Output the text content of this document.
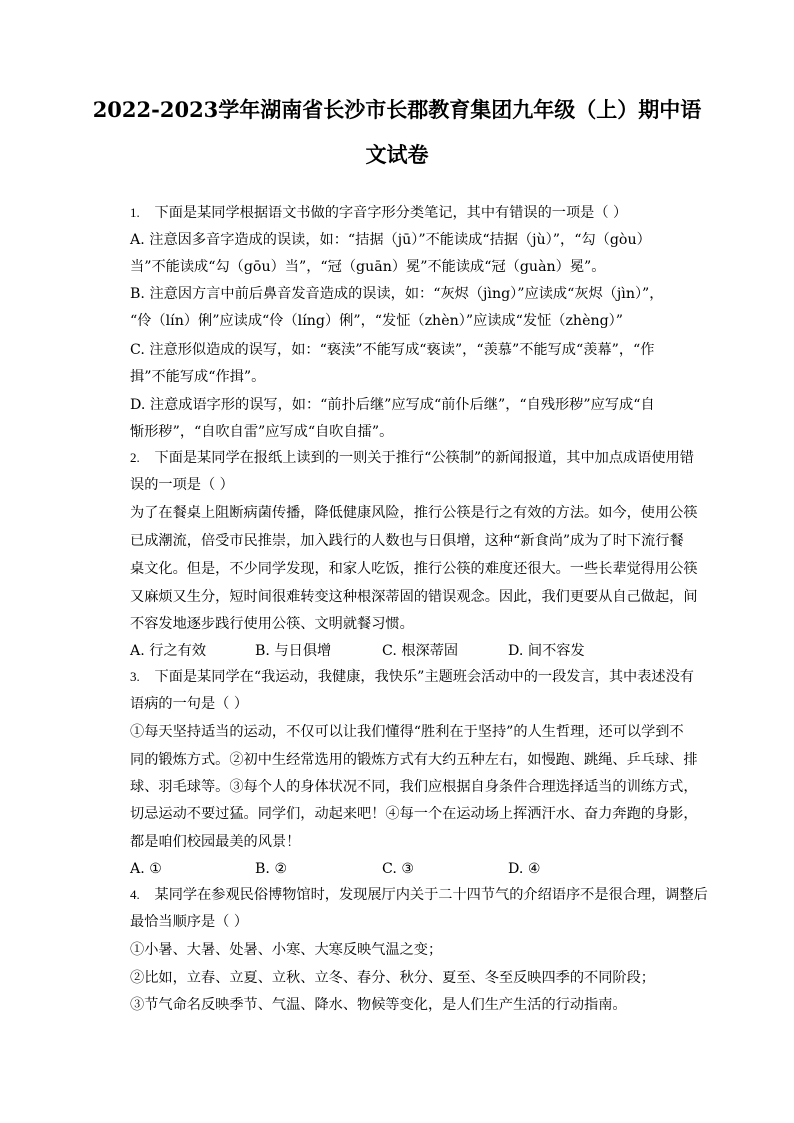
2022-2023学年湖南省长沙市长郡教育集团九年级（上）期中语
文试卷
1. 下面是某同学根据语文书做的字音字形分类笔记，其中有错误的一项是（ ）
A. 注意因多音字造成的误读，如：“拮据（jū）”不能读成“拮据（jù）”，“勾（gòu）
当”不能读成“勾（gōu）当”，“冠（guān）冕”不能读成“冠（guàn）冕”。
B. 注意因方言中前后鼻音发音造成的误读，如：“灰烬（jìng）”应读成“灰烬（jìn）”，
“伶（lín）俐”应读成“伶（líng）俐”，“发怔（zhèn）”应读成“发怔（zhèng）”
C. 注意形似造成的误写，如：“亵渎”不能写成“亵读”，“羡慕”不能写成“羡幕”，“作
揖”不能写成“作揖”。
D. 注意成语字形的误写，如：“前扑后继”应写成“前仆后继”，“自残形秽”应写成“自
惭形秽”，“自吹自雷”应写成“自吹自擂”。
2. 下面是某同学在报纸上读到的一则关于推行“公筷制”的新闻报道，其中加点成语使用错
误的一项是（ ）
为了在餐桌上阻断病菌传播，降低健康风险，推行公筷是行之有效的方法。如今，使用公筷
已成潮流，倍受市民推崇，加入践行的人数也与日俱增，这种“新食尚”成为了时下流行餐
桌文化。但是，不少同学发现，和家人吃饭，推行公筷的难度还很大。一些长辈觉得用公筷
又麻烦又生分，短时间很难转变这种根深蒂固的错误观念。因此，我们更要从自己做起，间
不容发地逐步践行使用公筷、文明就餐习惯。
A. 行之有效	B. 与日俱增	C. 根深蒂固	D. 间不容发
3. 下面是某同学在“我运动，我健康，我快乐”主题班会活动中的一段发言，其中表述没有
语病的一句是（ ）
①每天坚持适当的运动，不仅可以让我们懂得“胜利在于坚持”的人生哲理，还可以学到不
同的锻炼方式。②初中生经常选用的锻炼方式有大约五种左右，如慢跑、跳绳、乒乓球、排
球、羽毛球等。③每个人的身体状况不同，我们应根据自身条件合理选择适当的训练方式，
切忌运动不要过猛。同学们，动起来吧！④每一个在运动场上挥洒汗水、奋力奔跑的身影，
都是咱们校园最美的风景！
A. ①	B. ②	C. ③	D. ④
4. 某同学在参观民俗博物馆时，发现展厅内关于二十四节气的介绍语序不是很合理，调整后
最恰当顺序是（ ）
①小暑、大暑、处暑、小寒、大寒反映气温之变；
②比如，立春、立夏、立秋、立冬、春分、秋分、夏至、冬至反映四季的不同阶段；
③节气命名反映季节、气温、降水、物候等变化，是人们生产生活的行动指南。
